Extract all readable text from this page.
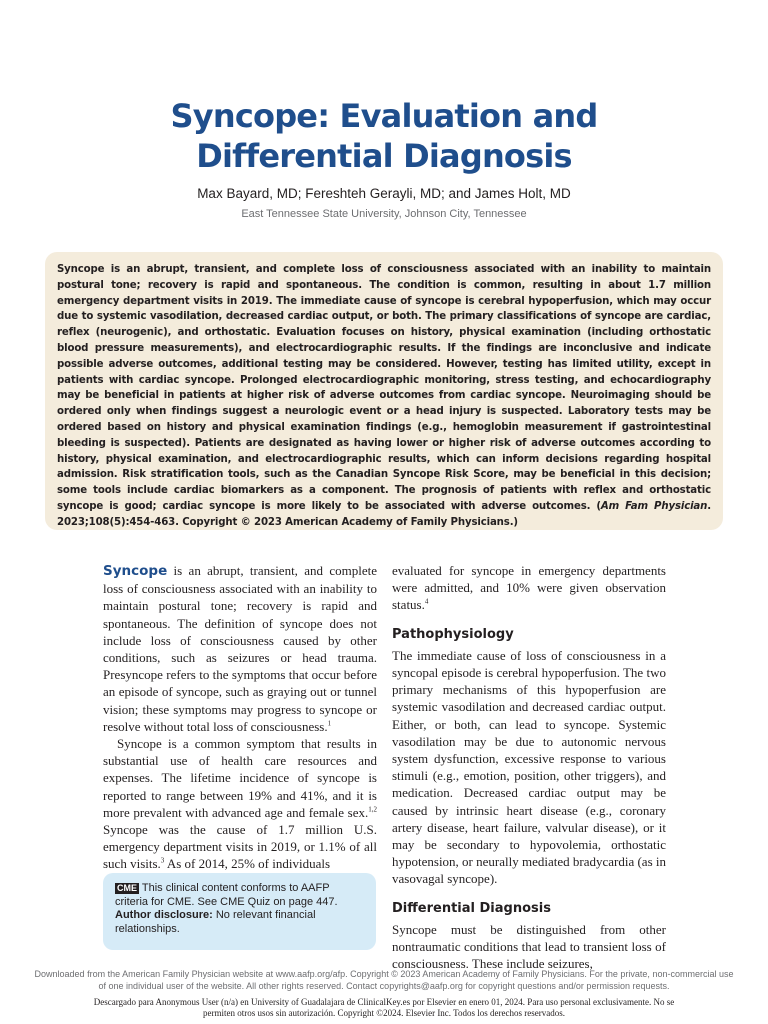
Syncope: Evaluation and
Differential Diagnosis
Max Bayard, MD; Fereshteh Gerayli, MD; and James Holt, MD
East Tennessee State University, Johnson City, Tennessee
Syncope is an abrupt, transient, and complete loss of consciousness associated with an inability to maintain postural tone; recovery is rapid and spontaneous. The condition is common, resulting in about 1.7 million emergency department visits in 2019. The immediate cause of syncope is cerebral hypoperfusion, which may occur due to systemic vasodilation, decreased cardiac output, or both. The primary classifications of syncope are cardiac, reflex (neurogenic), and orthostatic. Evaluation focuses on history, physical examination (including orthostatic blood pressure measurements), and electrocardiographic results. If the findings are inconclusive and indicate possible adverse outcomes, additional testing may be considered. However, testing has limited utility, except in patients with cardiac syncope. Prolonged electrocardiographic monitoring, stress testing, and echocardiography may be beneficial in patients at higher risk of adverse outcomes from cardiac syncope. Neuroimaging should be ordered only when findings suggest a neurologic event or a head injury is suspected. Laboratory tests may be ordered based on history and physical examination findings (e.g., hemoglobin measurement if gastrointestinal bleeding is suspected). Patients are designated as having lower or higher risk of adverse outcomes according to history, physical examination, and electrocardiographic results, which can inform decisions regarding hospital admission. Risk stratification tools, such as the Canadian Syncope Risk Score, may be beneficial in this decision; some tools include cardiac biomarkers as a component. The prognosis of patients with reflex and orthostatic syncope is good; cardiac syncope is more likely to be associated with adverse outcomes. (Am Fam Physician. 2023;108(5):454-463. Copyright © 2023 American Academy of Family Physicians.)

Syncope is an abrupt, transient, and complete loss of consciousness associated with an inability to maintain postural tone; recovery is rapid and spontaneous. The definition of syncope does not include loss of consciousness caused by other conditions, such as seizures or head trauma. Presyncope refers to the symptoms that occur before an episode of syncope, such as graying out or tunnel vision; these symptoms may progress to syncope or resolve without total loss of consciousness.$^1$

Syncope is a common symptom that results in substantial use of health care resources and expenses. The lifetime incidence of syncope is reported to range between 19% and 41%, and it is more prevalent with advanced age and female sex.$^{1,2}$ Syncope was the cause of 1.7 million U.S. emergency department visits in 2019, or 1.1% of all such visits.$^3$ As of 2014, 25% of individuals

CME This clinical content conforms to AAFP criteria for CME. See CME Quiz on page 447.

Author disclosure: No relevant financial relationships.

evaluated for syncope in emergency departments were admitted, and 10% were given observation status.$^4$

Pathophysiology

The immediate cause of loss of consciousness in a syncopal episode is cerebral hypoperfusion. The two primary mechanisms of this hypoperfusion are systemic vasodilation and decreased cardiac output. Either, or both, can lead to syncope. Systemic vasodilation may be due to autonomic nervous system dysfunction, excessive response to various stimuli (e.g., emotion, position, other triggers), and medication. Decreased cardiac output may be caused by intrinsic heart disease (e.g., coronary artery disease, heart failure, valvular disease), or it may be secondary to hypovolemia, orthostatic hypotension, or neurally mediated bradycardia (as in vasovagal syncope).

Differential Diagnosis

Syncope must be distinguished from other nontraumatic conditions that lead to transient loss of consciousness. These include seizures,

Downloaded from the American Family Physician website at www.aafp.org/afp. Copyright © 2023 American Academy of Family Physicians. For the private, non-commercial use of one individual user of the website. All other rights reserved. Contact copyrights@aafp.org for copyright questions and/or permission requests.
Descargado para Anonymous User (n/a) en University of Guadalajara de ClinicalKey.es por Elsevier en enero 01, 2024. Para uso personal exclusivamente. No se permiten otros usos sin autorización. Copyright ©2024. Elsevier Inc. Todos los derechos reservados.
